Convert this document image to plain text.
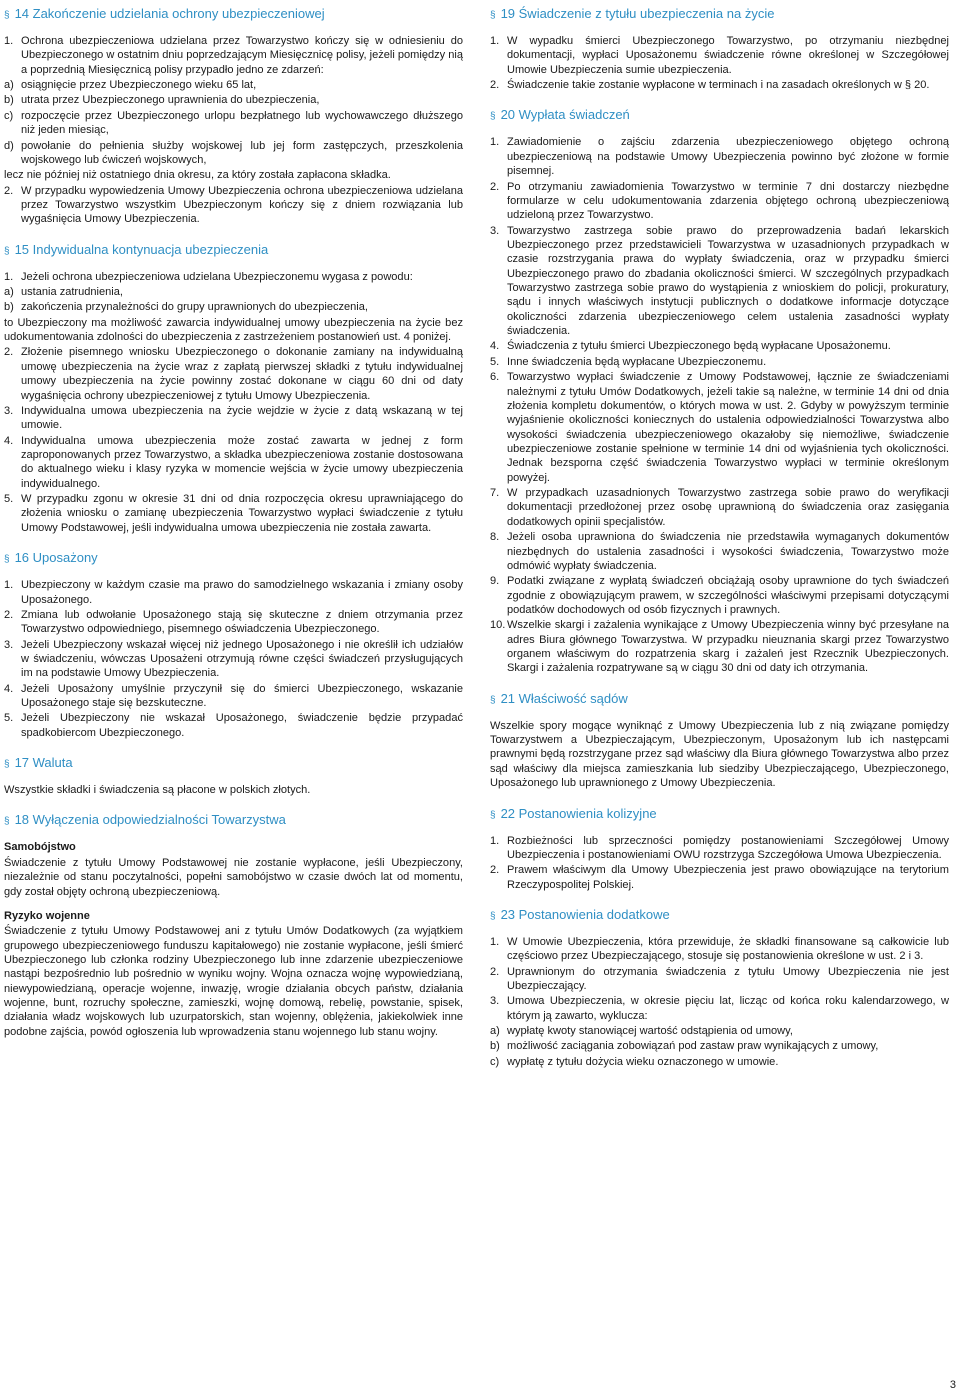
§ 14 Zakończenie udzielania ochrony ubezpieczeniowej
1. Ochrona ubezpieczeniowa udzielana przez Towarzystwo kończy się w odniesieniu do Ubezpieczonego w ostatnim dniu poprzedzającym Miesięcznicę polisy, jeżeli pomiędzy nią a poprzednią Miesięcznicą polisy przypadło jedno ze zdarzeń:
a) osiągnięcie przez Ubezpieczonego wieku 65 lat,
b) utrata przez Ubezpieczonego uprawnienia do ubezpieczenia,
c) rozpoczęcie przez Ubezpieczonego urlopu bezpłatnego lub wychowawczego dłuższego niż jeden miesiąc,
d) powołanie do pełnienia służby wojskowej lub jej form zastępczych, przeszkolenia wojskowego lub ćwiczeń wojskowych,
lecz nie później niż ostatniego dnia okresu, za który została zapłacona składka.
2. W przypadku wypowiedzenia Umowy Ubezpieczenia ochrona ubezpieczeniowa udzielana przez Towarzystwo wszystkim Ubezpieczonym kończy się z dniem rozwiązania lub wygaśnięcia Umowy Ubezpieczenia.
§ 15 Indywidualna kontynuacja ubezpieczenia
1. Jeżeli ochrona ubezpieczeniowa udzielana Ubezpieczonemu wygasa z powodu:
a) ustania zatrudnienia,
b) zakończenia przynależności do grupy uprawnionych do ubezpieczenia,
to Ubezpieczony ma możliwość zawarcia indywidualnej umowy ubezpieczenia na życie bez udokumentowania zdolności do ubezpieczenia z zastrzeżeniem postanowień ust. 4 poniżej.
2. Złożenie pisemnego wniosku Ubezpieczonego o dokonanie zamiany na indywidualną umowę ubezpieczenia na życie wraz z zapłatą pierwszej składki z tytułu indywidualnej umowy ubezpieczenia na życie powinny zostać dokonane w ciągu 60 dni od daty wygaśnięcia ochrony ubezpieczeniowej z tytułu Umowy Ubezpieczenia.
3. Indywidualna umowa ubezpieczenia na życie wejdzie w życie z datą wskazaną w tej umowie.
4. Indywidualna umowa ubezpieczenia może zostać zawarta w jednej z form zaproponowanych przez Towarzystwo, a składka ubezpieczeniowa zostanie dostosowana do aktualnego wieku i klasy ryzyka w momencie wejścia w życie umowy ubezpieczenia indywidualnego.
5. W przypadku zgonu w okresie 31 dni od dnia rozpoczęcia okresu uprawniającego do złożenia wniosku o zamianę ubezpieczenia Towarzystwo wypłaci świadczenie z tytułu Umowy Podstawowej, jeśli indywidualna umowa ubezpieczenia nie została zawarta.
§ 16 Uposażony
1. Ubezpieczony w każdym czasie ma prawo do samodzielnego wskazania i zmiany osoby Uposażonego.
2. Zmiana lub odwołanie Uposażonego stają się skuteczne z dniem otrzymania przez Towarzystwo odpowiedniego, pisemnego oświadczenia Ubezpieczonego.
3. Jeżeli Ubezpieczony wskazał więcej niż jednego Uposażonego i nie określił ich udziałów w świadczeniu, wówczas Uposażeni otrzymują równe części świadczeń przysługujących im na podstawie Umowy Ubezpieczenia.
4. Jeżeli Uposażony umyślnie przyczynił się do śmierci Ubezpieczonego, wskazanie Uposażonego staje się bezskuteczne.
5. Jeżeli Ubezpieczony nie wskazał Uposażonego, świadczenie będzie przypadać spadkobiercom Ubezpieczonego.
§ 17 Waluta
Wszystkie składki i świadczenia są płacone w polskich złotych.
§ 18 Wyłączenia odpowiedzialności Towarzystwa
Samobójstwo
Świadczenie z tytułu Umowy Podstawowej nie zostanie wypłacone, jeśli Ubezpieczony, niezależnie od stanu poczytalności, popełni samobójstwo w czasie dwóch lat od momentu, gdy został objęty ochroną ubezpieczeniową.
Ryzyko wojenne
Świadczenie z tytułu Umowy Podstawowej ani z tytułu Umów Dodatkowych (za wyjątkiem grupowego ubezpieczeniowego funduszu kapitałowego) nie zostanie wypłacone, jeśli śmierć Ubezpieczonego lub członka rodziny Ubezpieczonego lub inne zdarzenie ubezpieczeniowe nastąpi bezpośrednio lub pośrednio w wyniku wojny. Wojna oznacza wojnę wypowiedzianą, niewypowiedzianą, operacje wojenne, inwazję, wrogie działania obcych państw, działania wojenne, bunt, rozruchy społeczne, zamieszki, wojnę domową, rebelię, powstanie, spisek, działania władz wojskowych lub uzurpatorskich, stan wojenny, oblężenia, jakiekolwiek inne podobne zajścia, powód ogłoszenia lub wprowadzenia stanu wojennego lub stanu wojny.
§ 19 Świadczenie z tytułu ubezpieczenia na życie
1. W wypadku śmierci Ubezpieczonego Towarzystwo, po otrzymaniu niezbędnej dokumentacji, wypłaci Uposażonemu świadczenie równe określonej w Szczegółowej Umowie Ubezpieczenia sumie ubezpieczenia.
2. Świadczenie takie zostanie wypłacone w terminach i na zasadach określonych w § 20.
§ 20 Wypłata świadczeń
1. Zawiadomienie o zajściu zdarzenia ubezpieczeniowego objętego ochroną ubezpieczeniową na podstawie Umowy Ubezpieczenia powinno być złożone w formie pisemnej.
2. Po otrzymaniu zawiadomienia Towarzystwo w terminie 7 dni dostarczy niezbędne formularze w celu udokumentowania zdarzenia objętego ochroną ubezpieczeniową udzieloną przez Towarzystwo.
3. Towarzystwo zastrzega sobie prawo do przeprowadzenia badań lekarskich Ubezpieczonego przez przedstawicieli Towarzystwa w uzasadnionych przypadkach w czasie rozstrzygania prawa do wypłaty świadczenia, oraz w przypadku śmierci Ubezpieczonego prawo do zbadania okoliczności śmierci. W szczególnych przypadkach Towarzystwo zastrzega sobie prawo do wystąpienia z wnioskiem do policji, prokuratury, sądu i innych właściwych instytucji publicznych o dodatkowe informacje dotyczące okoliczności zdarzenia ubezpieczeniowego celem ustalenia zasadności wypłaty świadczenia.
4. Świadczenia z tytułu śmierci Ubezpieczonego będą wypłacane Uposażonemu.
5. Inne świadczenia będą wypłacane Ubezpieczonemu.
6. Towarzystwo wypłaci świadczenie z Umowy Podstawowej, łącznie ze świadczeniami należnymi z tytułu Umów Dodatkowych, jeżeli takie są należne, w terminie 14 dni od dnia złożenia kompletu dokumentów, o których mowa w ust. 2. Gdyby w powyższym terminie wyjaśnienie okoliczności koniecznych do ustalenia odpowiedzialności Towarzystwa albo wysokości świadczenia ubezpieczeniowego okazałoby się niemożliwe, świadczenie ubezpieczeniowe zostanie spełnione w terminie 14 dni od wyjaśnienia tych okoliczności. Jednak bezsporna część świadczenia Towarzystwo wypłaci w terminie określonym powyżej.
7. W przypadkach uzasadnionych Towarzystwo zastrzega sobie prawo do weryfikacji dokumentacji przedłożonej przez osobę uprawnioną do świadczenia oraz zasięgania dodatkowych opinii specjalistów.
8. Jeżeli osoba uprawniona do świadczenia nie przedstawiła wymaganych dokumentów niezbędnych do ustalenia zasadności i wysokości świadczenia, Towarzystwo może odmówić wypłaty świadczenia.
9. Podatki związane z wypłatą świadczeń obciążają osoby uprawnione do tych świadczeń zgodnie z obowiązującym prawem, w szczególności właściwymi przepisami dotyczącymi podatków dochodowych od osób fizycznych i prawnych.
10. Wszelkie skargi i zażalenia wynikające z Umowy Ubezpieczenia winny być przesyłane na adres Biura głównego Towarzystwa. W przypadku nieuznania skargi przez Towarzystwo organem właściwym do rozpatrzenia skarg i zażaleń jest Rzecznik Ubezpieczonych. Skargi i zażalenia rozpatrywane są w ciągu 30 dni od daty ich otrzymania.
§ 21 Właściwość sądów
Wszelkie spory mogące wyniknąć z Umowy Ubezpieczenia lub z nią związane pomiędzy Towarzystwem a Ubezpieczającym, Ubezpieczonym, Uposażonym lub ich następcami prawnymi będą rozstrzygane przez sąd właściwy dla Biura głównego Towarzystwa albo przez sąd właściwy dla miejsca zamieszkania lub siedziby Ubezpieczającego, Ubezpieczonego, Uposażonego lub uprawnionego z Umowy Ubezpieczenia.
§ 22 Postanowienia kolizyjne
1. Rozbieżności lub sprzeczności pomiędzy postanowieniami Szczegółowej Umowy Ubezpieczenia i postanowieniami OWU rozstrzyga Szczegółowa Umowa Ubezpieczenia.
2. Prawem właściwym dla Umowy Ubezpieczenia jest prawo obowiązujące na terytorium Rzeczypospolitej Polskiej.
§ 23 Postanowienia dodatkowe
1. W Umowie Ubezpieczenia, która przewiduje, że składki finansowane są całkowicie lub częściowo przez Ubezpieczającego, stosuje się postanowienia określone w ust. 2 i 3.
2. Uprawnionym do otrzymania świadczenia z tytułu Umowy Ubezpieczenia nie jest Ubezpieczający.
3. Umowa Ubezpieczenia, w okresie pięciu lat, licząc od końca roku kalendarzowego, w którym ją zawarto, wyklucza:
a) wypłatę kwoty stanowiącej wartość odstąpienia od umowy,
b) możliwość zaciągania zobowiązań pod zastaw praw wynikających z umowy,
c) wypłatę z tytułu dożycia wieku oznaczonego w umowie.
3
